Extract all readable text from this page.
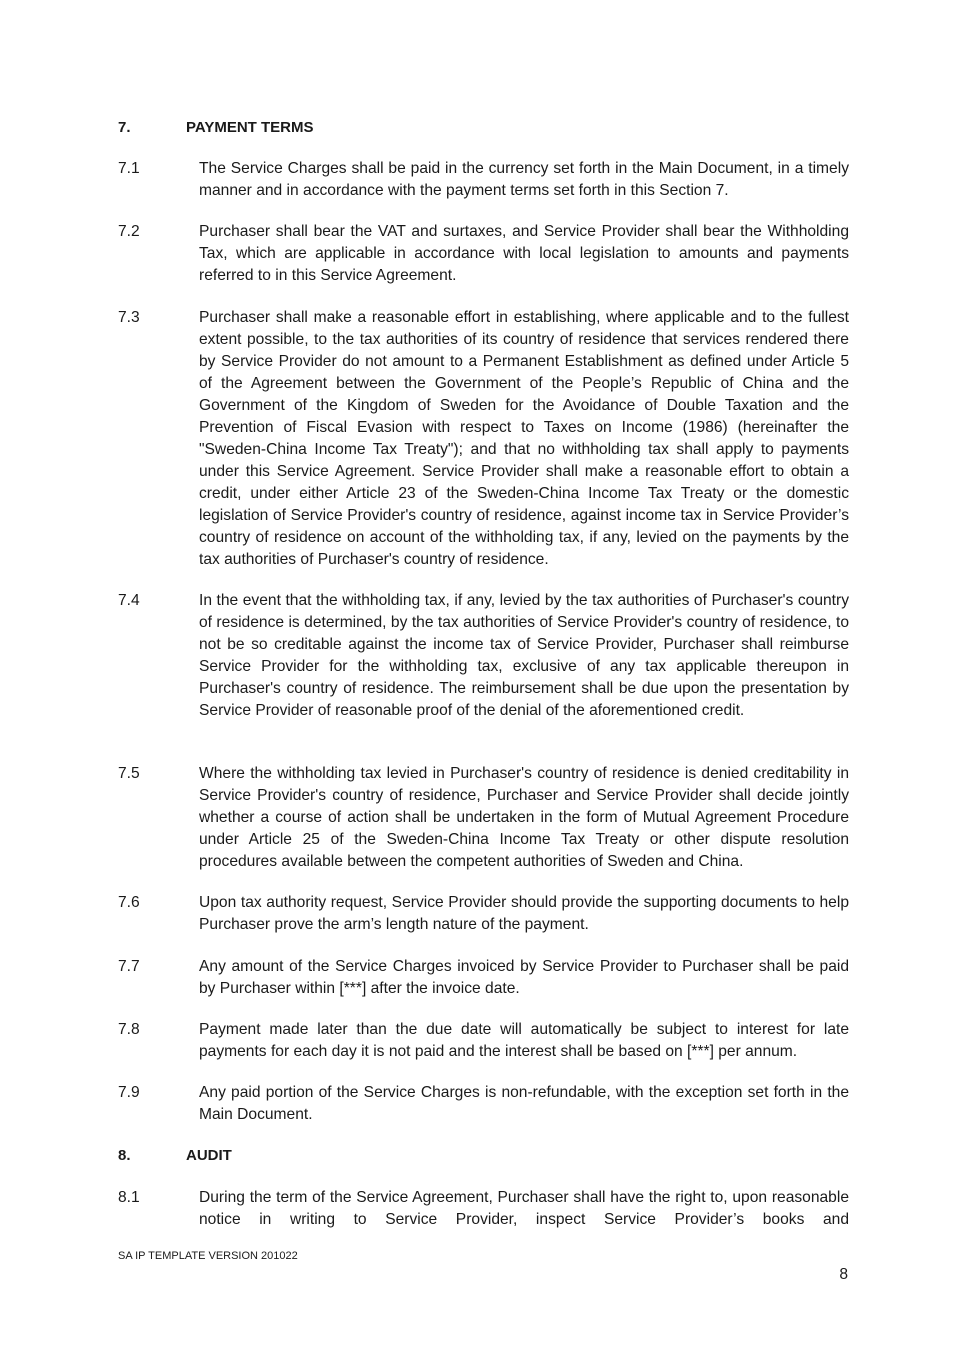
7.	PAYMENT TERMS
7.1	The Service Charges shall be paid in the currency set forth in the Main Document, in a timely manner and in accordance with the payment terms set forth in this Section 7.
7.2	Purchaser shall bear the VAT and surtaxes, and Service Provider shall bear the Withholding Tax, which are applicable in accordance with local legislation to amounts and payments referred to in this Service Agreement.
7.3	Purchaser shall make a reasonable effort in establishing, where applicable and to the fullest extent possible, to the tax authorities of its country of residence that services rendered there by Service Provider do not amount to a Permanent Establishment as defined under Article 5 of the Agreement between the Government of the People’s Republic of China and the Government of the Kingdom of Sweden for the Avoidance of Double Taxation and the Prevention of Fiscal Evasion with respect to Taxes on Income (1986) (hereinafter the "Sweden-China Income Tax Treaty"); and that no withholding tax shall apply to payments under this Service Agreement. Service Provider shall make a reasonable effort to obtain a credit, under either Article 23 of the Sweden-China Income Tax Treaty or the domestic legislation of Service Provider's country of residence, against income tax in Service Provider’s country of residence on account of the withholding tax, if any, levied on the payments by the tax authorities of Purchaser's country of residence.
7.4	In the event that the withholding tax, if any, levied by the tax authorities of Purchaser's country of residence is determined, by the tax authorities of Service Provider's country of residence, to not be so creditable against the income tax of Service Provider, Purchaser shall reimburse Service Provider for the withholding tax, exclusive of any tax applicable thereupon in Purchaser's country of residence. The reimbursement shall be due upon the presentation by Service Provider of reasonable proof of the denial of the aforementioned credit.
7.5	Where the withholding tax levied in Purchaser's country of residence is denied creditability in Service Provider's country of residence, Purchaser and Service Provider shall decide jointly whether a course of action shall be undertaken in the form of Mutual Agreement Procedure under Article 25 of the Sweden-China Income Tax Treaty or other dispute resolution procedures available between the competent authorities of Sweden and China.
7.6	Upon tax authority request, Service Provider should provide the supporting documents to help Purchaser prove the arm’s length nature of the payment.
7.7	Any amount of the Service Charges invoiced by Service Provider to Purchaser shall be paid by Purchaser within [***] after the invoice date.
7.8	Payment made later than the due date will automatically be subject to interest for late payments for each day it is not paid and the interest shall be based on [***] per annum.
7.9	Any paid portion of the Service Charges is non-refundable, with the exception set forth in the Main Document.
8.	AUDIT
8.1	During the term of the Service Agreement, Purchaser shall have the right to, upon reasonable notice in writing to Service Provider, inspect Service Provider’s books and
SA IP TEMPLATE VERSION 201022
8
